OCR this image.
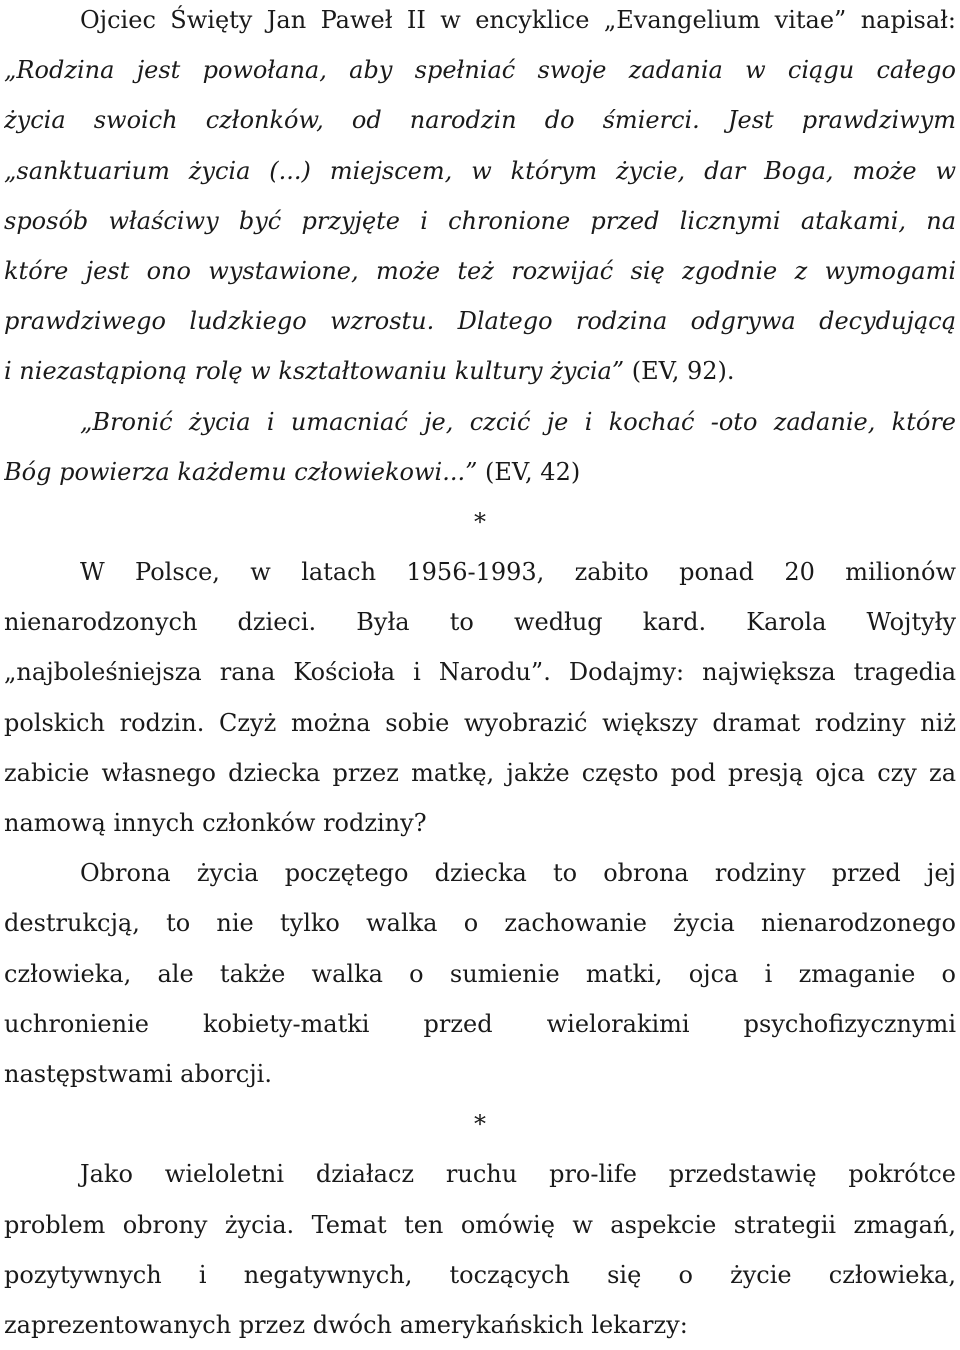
Ojciec Święty Jan Paweł II w encyklice „Evangelium vitae” napisał:
„Rodzina jest powołana, aby spełniać swoje zadania w ciągu całego
życia swoich członków, od narodzin do śmierci. Jest prawdziwym
„sanktuarium życia (...) miejscem, w którym życie, dar Boga, może w
sposób właściwy być przyjęte i chronione przed licznymi atakami, na
które jest ono wystawione, może też rozwijać się zgodnie z wymogami
prawdziwego ludzkiego wzrostu. Dlatego rodzina odgrywa decydującą
i niezastąpioną rolę w kształtowaniu kultury życia” (EV, 92).
„Bronić życia i umacniać je, czcić je i kochać -oto zadanie, które
Bóg powierza każdemu człowiekowi...” (EV, 42)
*
W Polsce, w latach 1956-1993, zabito ponad 20 milionów
nienarodzonych dzieci. Była to według kard. Karola Wojtyły
„najboleśniejsza rana Kościoła i Narodu”. Dodajmy: największa tragedia
polskich rodzin. Czyż można sobie wyobrazić większy dramat rodziny niż
zabicie własnego dziecka przez matkę, jakże często pod presją ojca czy za
namową innych członków rodziny?
Obrona życia poczętego dziecka to obrona rodziny przed jej
destrukcją, to nie tylko walka o zachowanie życia nienarodzonego
człowieka, ale także walka o sumienie matki, ojca i zmaganie o
uchronienie kobiety-matki przed wielorakimi psychofizycznymi
następstwami aborcji.
*
Jako wieloletni działacz ruchu pro-life przedstawię pokrótce
problem obrony życia. Temat ten omówię w aspekcie strategii zmagań,
pozytywnych i negatywnych, toczących się o życie człowieka,
zaprezentowanych przez dwóch amerykańskich lekarzy:
